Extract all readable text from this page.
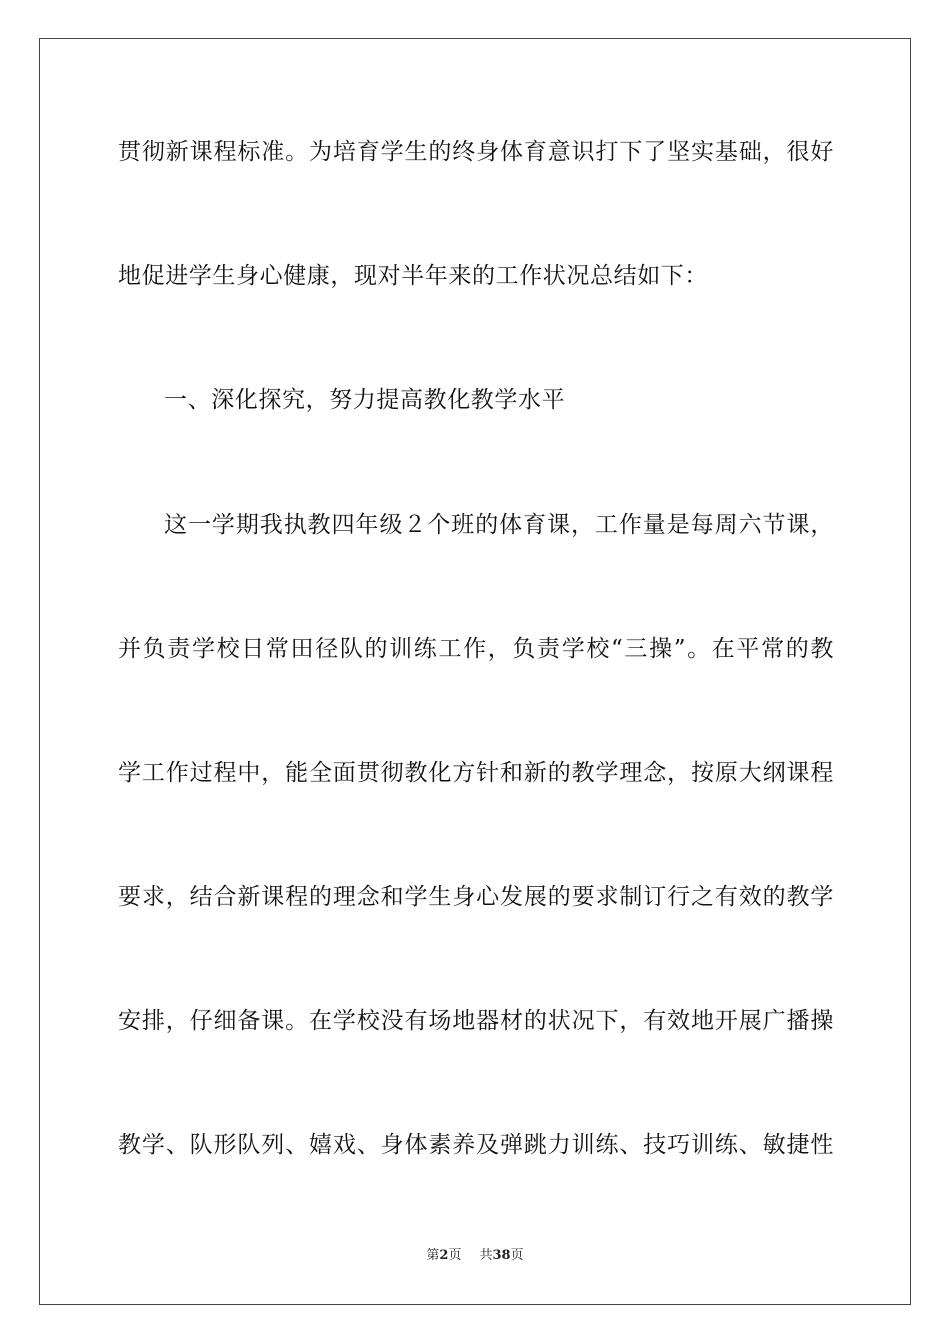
贯彻新课程标准。为培育学生的终身体育意识打下了坚实基础，很好
地促进学生身心健康，现对半年来的工作状况总结如下：
一、深化探究，努力提高教化教学水平
这一学期我执教四年级２个班的体育课，工作量是每周六节课，
并负责学校日常田径队的训练工作，负责学校“三操”。在平常的教
学工作过程中，能全面贯彻教化方针和新的教学理念，按原大纲课程
要求，结合新课程的理念和学生身心发展的要求制订行之有效的教学
安排，仔细备课。在学校没有场地器材的状况下，有效地开展广播操
教学、队形队列、嬉戏、身体素养及弹跳力训练、技巧训练、敏捷性
第2页 共38页
